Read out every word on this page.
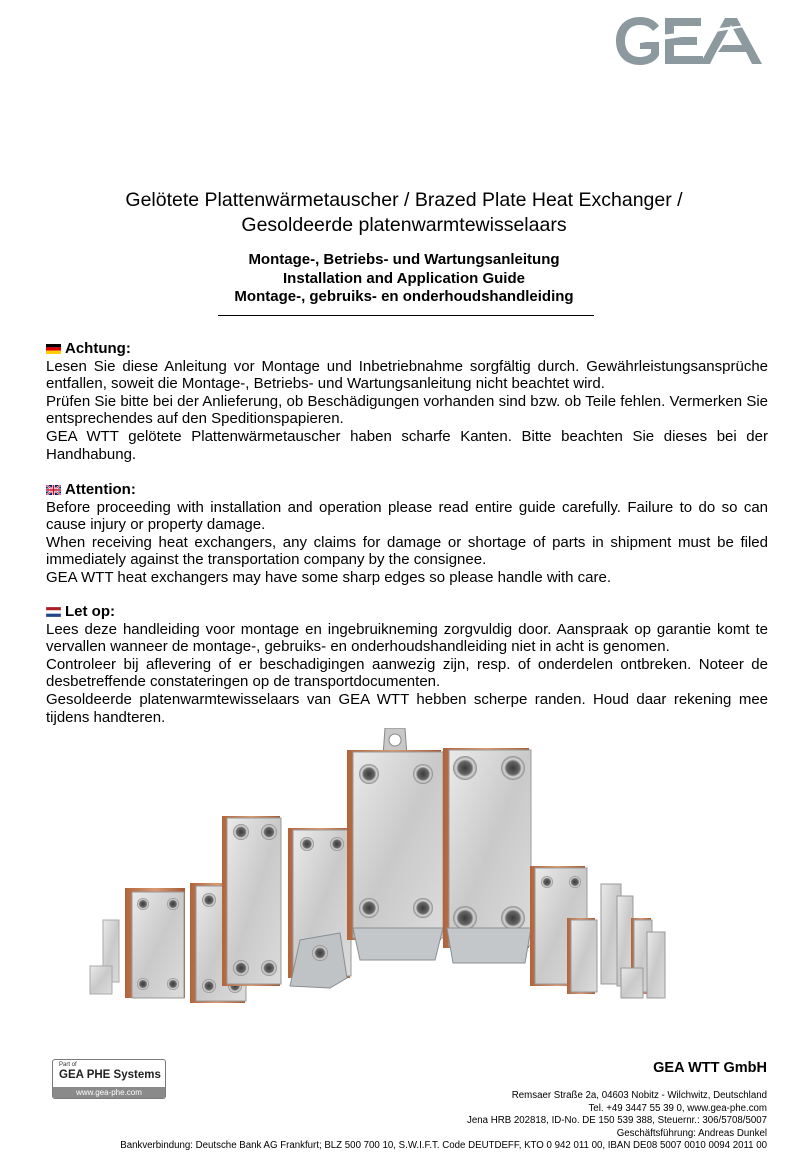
Gelötete Plattenwärmetauscher / Brazed Plate Heat Exchanger /
Gesoldeerde platenwarmtewisselaars
Montage-, Betriebs- und Wartungsanleitung
Installation and Application Guide
Montage-, gebruiks- en onderhoudshandleiding
Achtung:

Lesen Sie diese Anleitung vor Montage und Inbetriebnahme sorgfältig durch. Gewährleistungsansprüche entfallen, soweit die Montage-, Betriebs- und Wartungsanleitung nicht beachtet wird.

Prüfen Sie bitte bei der Anlieferung, ob Beschädigungen vorhanden sind bzw. ob Teile fehlen. Vermerken Sie entsprechendes auf den Speditionspapieren.

GEA WTT gelötete Plattenwärmetauscher haben scharfe Kanten. Bitte beachten Sie dieses bei der Handhabung.

Attention:

Before proceeding with installation and operation please read entire guide carefully. Failure to do so can cause injury or property damage.

When receiving heat exchangers, any claims for damage or shortage of parts in shipment must be filed immediately against the transportation company by the consignee.

GEA WTT heat exchangers may have some sharp edges so please handle with care.

Let op:

Lees deze handleiding voor montage en ingebruikneming zorgvuldig door. Aanspraak op garantie komt te vervallen wanneer de montage-, gebruiks- en onderhoudshandleiding niet in acht is genomen.

Controleer bij aflevering of er beschadigingen aanwezig zijn, resp. of onderdelen ontbreken. Noteer de desbetreffende constateringen op de transportdocumenten.

Gesoldeerde platenwarmtewisselaars van GEA WTT hebben scherpe randen. Houd daar rekening mee tijdens handteren.

Part of
GEA PHE Systems
www.gea-phe.com
GEA WTT GmbH
Remsaer Straße 2a, 04603 Nobitz - Wilchwitz, Deutschland
Tel. +49 3447 55 39 0, www.gea-phe.com
Jena HRB 202818, ID-No. DE 150 539 388, Steuernr.: 306/5708/5007
Geschäftsführung: Andreas Dunkel
Bankverbindung: Deutsche Bank AG Frankfurt; BLZ 500 700 10, S.W.I.F.T. Code DEUTDEFF, KTO 0 942 011 00, IBAN DE08 5007 0010 0094 2011 00
